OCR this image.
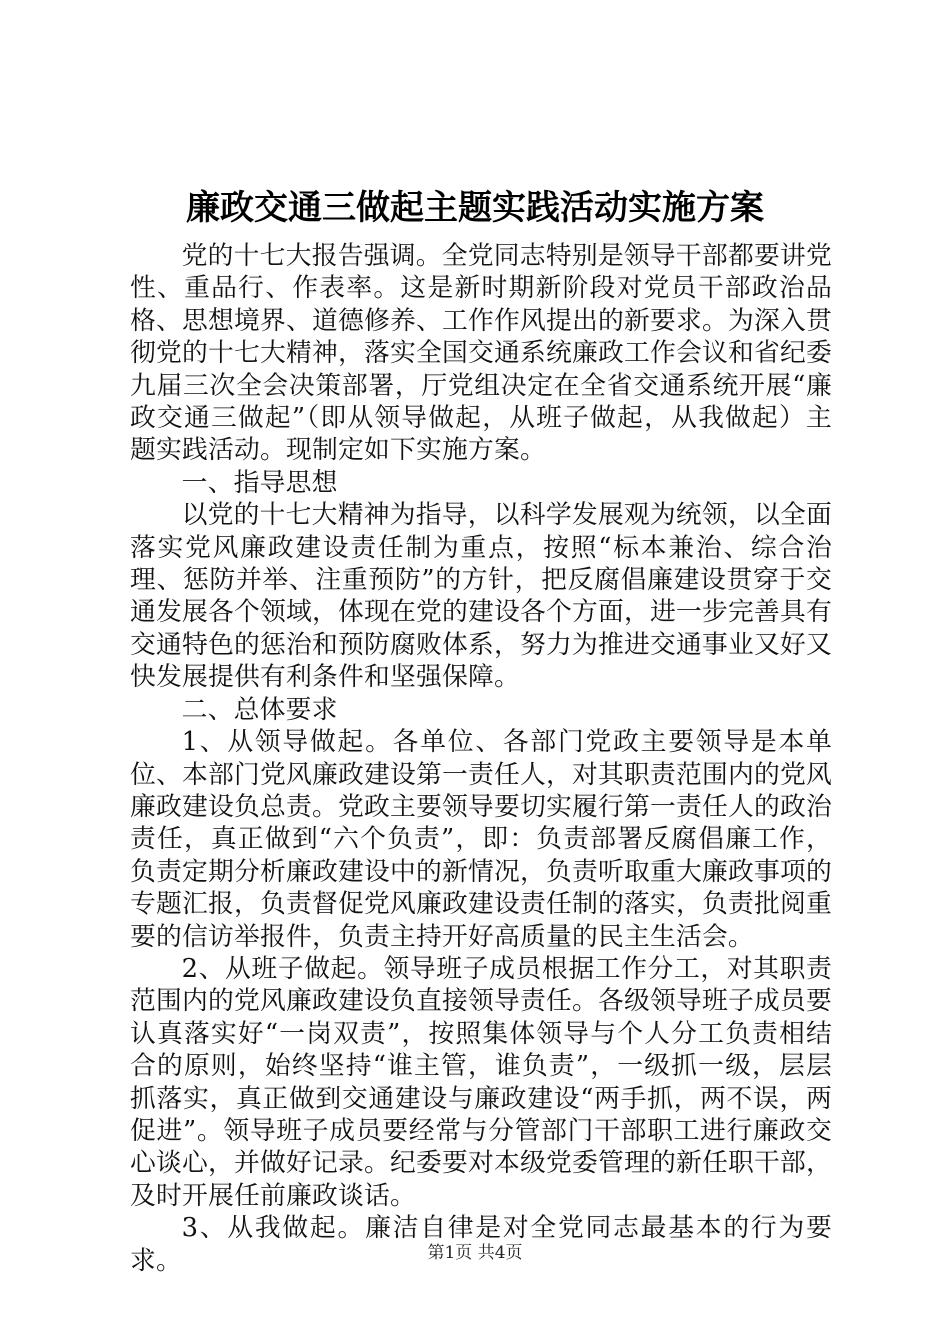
廉政交通三做起主题实践活动实施方案

党的十七大报告强调。全党同志特别是领导干部都要讲党性、重品行、作表率。这是新时期新阶段对党员干部政治品格、思想境界、道德修养、工作作风提出的新要求。为深入贯彻党的十七大精神，落实全国交通系统廉政工作会议和省纪委九届三次全会决策部署，厅党组决定在全省交通系统开展“廉政交通三做起”（即从领导做起，从班子做起，从我做起）主题实践活动。现制定如下实施方案。

一、指导思想

以党的十七大精神为指导，以科学发展观为统领，以全面落实党风廉政建设责任制为重点，按照“标本兼治、综合治理、惩防并举、注重预防”的方针，把反腐倡廉建设贯穿于交通发展各个领域，体现在党的建设各个方面，进一步完善具有交通特色的惩治和预防腐败体系，努力为推进交通事业又好又快发展提供有利条件和坚强保障。

二、总体要求

1、从领导做起。各单位、各部门党政主要领导是本单位、本部门党风廉政建设第一责任人，对其职责范围内的党风廉政建设负总责。党政主要领导要切实履行第一责任人的政治责任，真正做到“六个负责”，即：负责部署反腐倡廉工作，负责定期分析廉政建设中的新情况，负责听取重大廉政事项的专题汇报，负责督促党风廉政建设责任制的落实，负责批阅重要的信访举报件，负责主持开好高质量的民主生活会。

2、从班子做起。领导班子成员根据工作分工，对其职责范围内的党风廉政建设负直接领导责任。各级领导班子成员要认真落实好“一岗双责”，按照集体领导与个人分工负责相结合的原则，始终坚持“谁主管，谁负责”，一级抓一级，层层抓落实，真正做到交通建设与廉政建设“两手抓，两不误，两促进”。领导班子成员要经常与分管部门干部职工进行廉政交心谈心，并做好记录。纪委要对本级党委管理的新任职干部，及时开展任前廉政谈话。

3、从我做起。廉洁自律是对全党同志最基本的行为要求。	第1页 共4页
